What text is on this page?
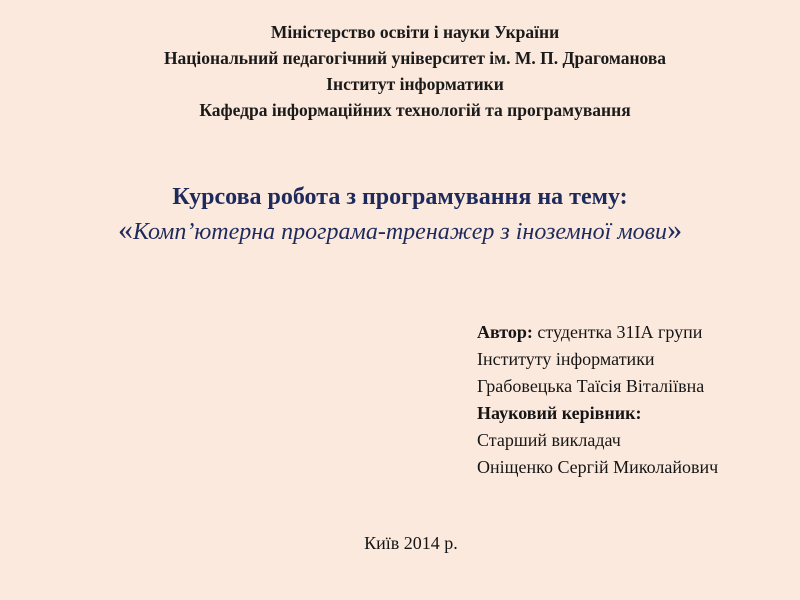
Міністерство освіти і науки України
Національний педагогічний університет ім. М. П. Драгоманова
Інститут інформатики
Кафедра інформаційних технологій та програмування
Курсова робота з програмування на тему:
«Комп’ютерна програма-тренажер з іноземної мови»
Автор: студентка 31ІА групи
Інституту інформатики
Грабовецька Таїсія Віталіївна
Науковий керівник:
Старший викладач
Оніщенко Сергій Миколайович
Київ 2014 р.
